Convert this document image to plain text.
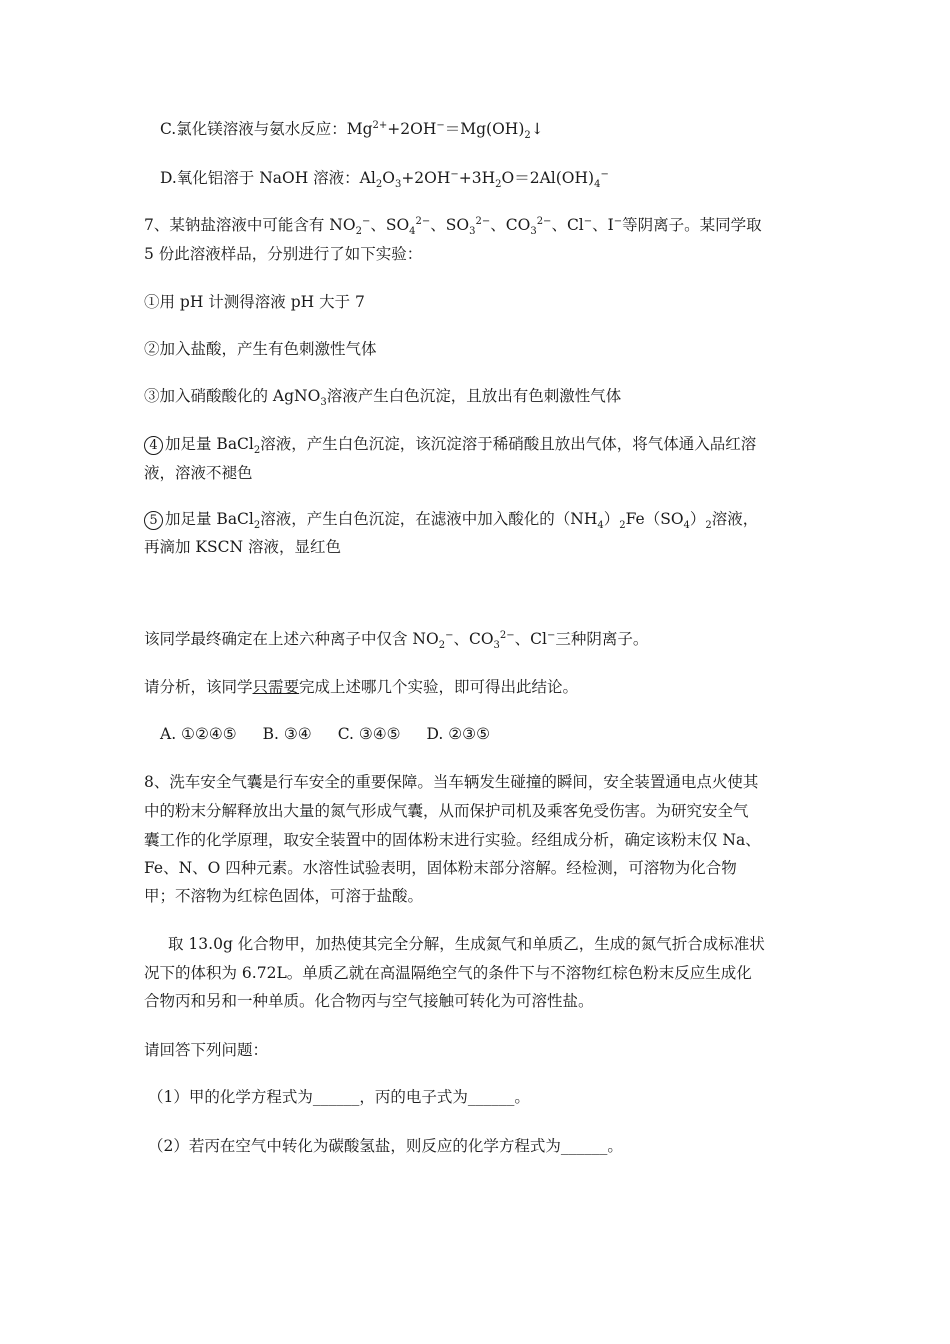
C.氯化镁溶液与氨水反应：$Mg^{2+}+2OH^-=Mg(OH)_2↓$
D.氧化铝溶于 NaOH 溶液：$Al_2O_3+2OH^-+3H_2O=2Al(OH)_4^-$
7、某钠盐溶液中可能含有 $NO_2^-$、$SO_4^{2-}$、$SO_3^{2-}$、$CO_3^{2-}$、Cl−、I−等阴离子。某同学取
5 份此溶液样品，分别进行了如下实验：
①用 pH 计测得溶液 pH 大于 7
②加入盐酸，产生有色刺激性气体
③加入硝酸酸化的 AgNO$_3$溶液产生白色沉淀，且放出有色刺激性气体
4 加足量 BaCl$_2$溶液，产生白色沉淀，该沉淀溶于稀硝酸且放出气体，将气体通入品红溶
液，溶液不褪色
5 加足量 BaCl$_2$溶液，产生白色沉淀，在滤液中加入酸化的$(NH_4)_2Fe(SO_4)_2$溶液，
再滴加 KSCN 溶液，显红色
该同学最终确定在上述六种离子中仅含 $NO_2^-$、$CO_3^{2-}$、Cl−三种阴离子。
请分析，该同学只需要完成上述哪几个实验，即可得出此结论。
A. ①②④⑤ B. ③④ C. ③④⑤ D. ②③⑤
8、洗车安全气囊是行车安全的重要保障。当车辆发生碰撞的瞬间，安全装置通电点火使其
中的粉末分解释放出大量的氮气形成气囊，从而保护司机及乘客免受伤害。为研究安全气
囊工作的化学原理，取安全装置中的固体粉末进行实验。经组成分析，确定该粉末仅 Na、
Fe、N、O 四种元素。水溶性试验表明，固体粉末部分溶解。经检测，可溶物为化合物
甲；不溶物为红棕色固体，可溶于盐酸。
取 13.0g 化合物甲，加热使其完全分解，生成氮气和单质乙，生成的氮气折合成标准状
况下的体积为 6.72L。单质乙就在高温隔绝空气的条件下与不溶物红棕色粉末反应生成化
合物丙和另和一种单质。化合物丙与空气接触可转化为可溶性盐。
请回答下列问题：
（1）甲的化学方程式为______，丙的电子式为______。
（2）若丙在空气中转化为碳酸氢盐，则反应的化学方程式为______。
